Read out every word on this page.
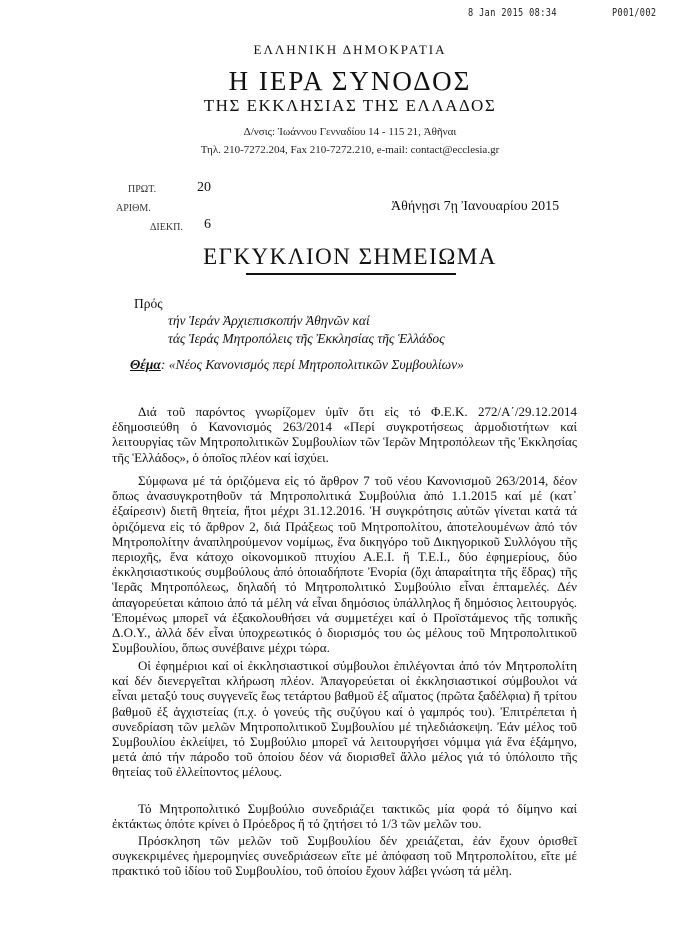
8 Jan 2015 08:34	P001/002
ΕΛΛΗΝΙΚΗ ΔΗΜΟΚΡΑΤΙΑ
Η ΙΕΡΑ ΣΥΝΟΔΟΣ
ΤΗΣ ΕΚΚΛΗΣΙΑΣ ΤΗΣ ΕΛΛΑΔΟΣ
Δ/νσις: Ἰωάννου Γενναδίου 14 - 115 21, Ἀθῆναι
Τηλ. 210-7272.204, Fax 210-7272.210, e-mail: contact@ecclesia.gr
ΠΡΩΤ.	20
ΑΡΙΘΜ.
ΔΙΕΚΠ. 6
Ἀθήνῃσι 7ῃ Ἰανουαρίου 2015
ΕΓΚΥΚΛΙΟΝ ΣΗΜΕΙΩΜΑ
Πρός
τήν Ἱεράν Ἀρχιεπισκοπήν Ἀθηνῶν καί
τάς Ἱεράς Μητροπόλεις τῆς Ἐκκλησίας τῆς Ἑλλάδος
Θέμα: «Νέος Κανονισμός περί Μητροπολιτικῶν Συμβουλίων»
Διά τοῦ παρόντος γνωρίζομεν ὑμῖν ὅτι εἰς τό Φ.Ε.Κ. 272/Α΄/29.12.2014 ἐδημοσιεύθη ὁ Κανονισμός 263/2014 «Περί συγκροτήσεως ἁρμοδιοτήτων καί λειτουργίας τῶν Μητροπολιτικῶν Συμβουλίων τῶν Ἱερῶν Μητροπόλεων τῆς Ἐκκλησίας τῆς Ἑλλάδος», ὁ ὁποῖος πλέον καί ἰσχύει.
Σύμφωνα μέ τά ὁριζόμενα εἰς τό ἄρθρον 7 τοῦ νέου Κανονισμοῦ 263/2014, δέον ὅπως ἀνασυγκροτηθοῦν τά Μητροπολιτικά Συμβούλια ἀπό 1.1.2015 καί μέ (κατ᾽ ἐξαίρεσιν) διετῆ θητεία, ἤτοι μέχρι 31.12.2016. Ἡ συγκρότησις αὐτῶν γίνεται κατά τά ὁριζόμενα εἰς τό ἄρθρον 2, διά Πράξεως τοῦ Μητροπολίτου, ἀποτελουμένων ἀπό τόν Μητροπολίτην ἀναπληρούμενον νομίμως, ἕνα δικηγόρο τοῦ Δικηγορικοῦ Συλλόγου τῆς περιοχῆς, ἕνα κάτοχο οἰκονομικοῦ πτυχίου Α.Ε.Ι. ἤ Τ.Ε.Ι., δύο ἐφημερίους, δύο ἐκκλησιαστικούς συμβούλους ἀπό ὁποιαδήποτε Ἐνορία (ὄχι ἀπαραίτητα τῆς ἕδρας) τῆς Ἱερᾶς Μητροπόλεως, δηλαδή τό Μητροπολιτικό Συμβούλιο εἶναι ἑπταμελές. Δέν ἀπαγορεύεται κάποιο ἀπό τά μέλη νά εἶναι δημόσιος ὑπάλληλος ἤ δημόσιος λειτουργός. Ἐπομένως μπορεῖ νά ἐξακολουθήσει νά συμμετέχει καί ὁ Προϊστάμενος τῆς τοπικῆς Δ.Ο.Υ., ἀλλά δέν εἶναι ὑποχρεωτικός ὁ διορισμός του ὡς μέλους τοῦ Μητροπολιτικοῦ Συμβουλίου, ὅπως συνέβαινε μέχρι τώρα.
Οἱ ἐφημέριοι καί οἱ ἐκκλησιαστικοί σύμβουλοι ἐπιλέγονται ἀπό τόν Μητροπολίτη καί δέν διενεργεῖται κλήρωση πλέον. Ἀπαγορεύεται οἱ ἐκκλησιαστικοί σύμβουλοι νά εἶναι μεταξύ τους συγγενεῖς ἕως τετάρτου βαθμοῦ ἐξ αἵματος (πρῶτα ξαδέλφια) ἤ τρίτου βαθμοῦ ἐξ ἀγχιστείας (π.χ. ὁ γονεύς τῆς συζύγου καί ὁ γαμπρός του). Ἐπιτρέπεται ἡ συνεδρίαση τῶν μελῶν Μητροπολιτικοῦ Συμβουλίου μέ τηλεδιάσκεψη. Ἐάν μέλος τοῦ Συμβουλίου ἐκλείψει, τό Συμβούλιο μπορεῖ νά λειτουργήσει νόμιμα γιά ἕνα ἑξάμηνο, μετά ἀπό τήν πάροδο τοῦ ὁποίου δέον νά διορισθεῖ ἄλλο μέλος γιά τό ὑπόλοιπο τῆς θητείας τοῦ ἐλλείποντος μέλους.
Τό Μητροπολιτικό Συμβούλιο συνεδριάζει τακτικῶς μία φορά τό δίμηνο καί ἐκτάκτως ὁπότε κρίνει ὁ Πρόεδρος ἤ τό ζητήσει τό 1/3 τῶν μελῶν του.
Πρόσκληση τῶν μελῶν τοῦ Συμβουλίου δέν χρειάζεται, ἐάν ἔχουν ὁρισθεῖ συγκεκριμένες ἡμερομηνίες συνεδριάσεων εἴτε μέ ἀπόφαση τοῦ Μητροπολίτου, εἴτε μέ πρακτικό τοῦ ἰδίου τοῦ Συμβουλίου, τοῦ ὁποίου ἔχουν λάβει γνώση τά μέλη.
